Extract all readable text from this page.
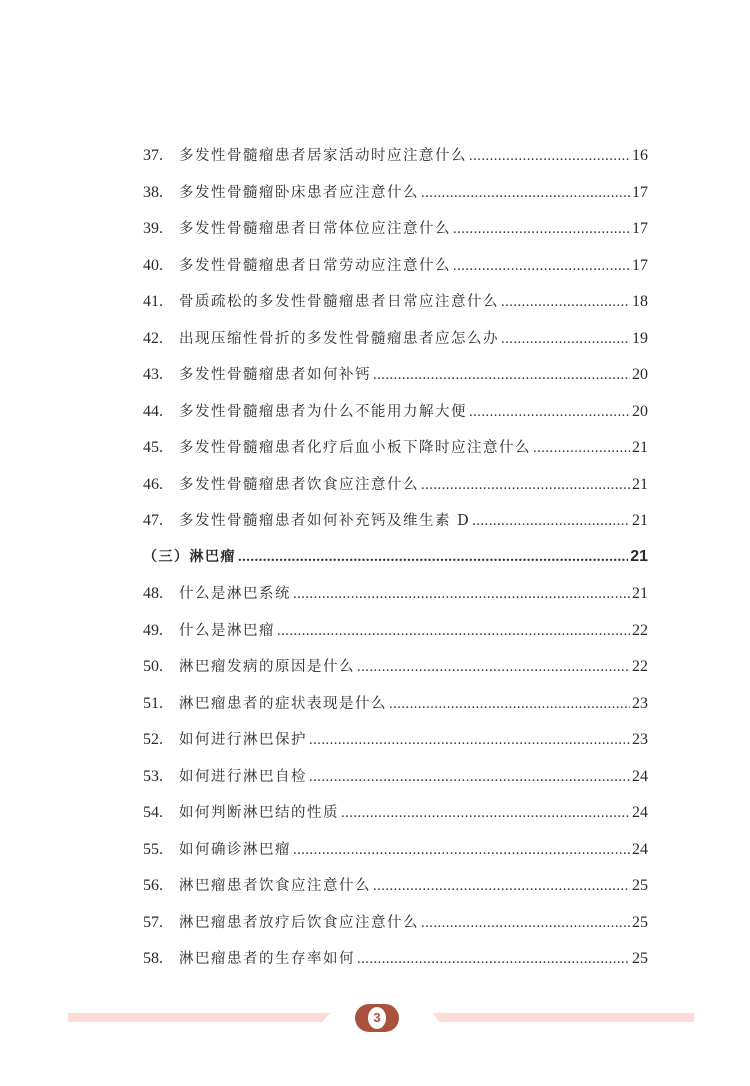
37.	多发性骨髓瘤患者居家活动时应注意什么 .....	16
38.	多发性骨髓瘤卧床患者应注意什么 .....	17
39.	多发性骨髓瘤患者日常体位应注意什么 .....	17
40.	多发性骨髓瘤患者日常劳动应注意什么 .....	17
41.	骨质疏松的多发性骨髓瘤患者日常应注意什么 .....	18
42.	出现压缩性骨折的多发性骨髓瘤患者应怎么办 .....	19
43.	多发性骨髓瘤患者如何补钙 .....	20
44.	多发性骨髓瘤患者为什么不能用力解大便 .....	20
45.	多发性骨髓瘤患者化疗后血小板下降时应注意什么 .....	21
46.	多发性骨髓瘤患者饮食应注意什么 .....	21
47.	多发性骨髓瘤患者如何补充钙及维生素 D .....	21
（三）淋巴瘤 .....	21
48.	什么是淋巴系统 .....	21
49.	什么是淋巴瘤 .....	22
50.	淋巴瘤发病的原因是什么 .....	22
51.	淋巴瘤患者的症状表现是什么 .....	23
52.	如何进行淋巴保护 .....	23
53.	如何进行淋巴自检 .....	24
54.	如何判断淋巴结的性质 .....	24
55.	如何确诊淋巴瘤 .....	24
56.	淋巴瘤患者饮食应注意什么 .....	25
57.	淋巴瘤患者放疗后饮食应注意什么 .....	25
58.	淋巴瘤患者的生存率如何 .....	25
3
